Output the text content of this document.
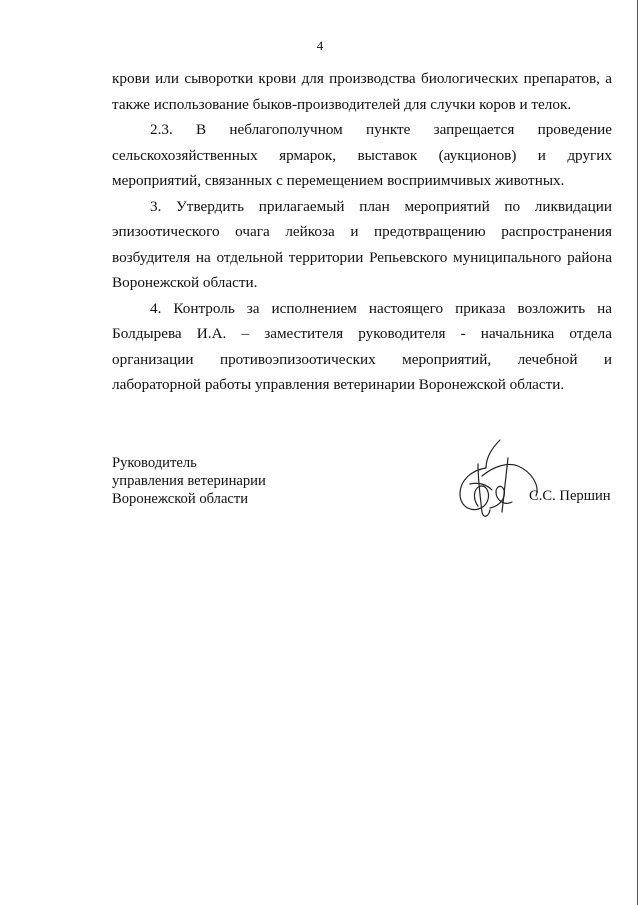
4

крови или сыворотки крови для производства биологических препаратов, а также использование быков-производителей для случки коров и телок.

2.3. В неблагополучном пункте запрещается проведение сельскохозяйственных ярмарок, выставок (аукционов) и других мероприятий, связанных с перемещением восприимчивых животных.

3. Утвердить прилагаемый план мероприятий по ликвидации эпизоотического очага лейкоза и предотвращению распространения возбудителя на отдельной территории Репьевского муниципального района Воронежской области.

4. Контроль за исполнением настоящего приказа возложить на Болдырева И.А. – заместителя руководителя - начальника отдела организации противоэпизоотических мероприятий, лечебной и лабораторной работы управления ветеринарии Воронежской области.

Руководитель
управления ветеринарии
Воронежской области	С.С. Першин
